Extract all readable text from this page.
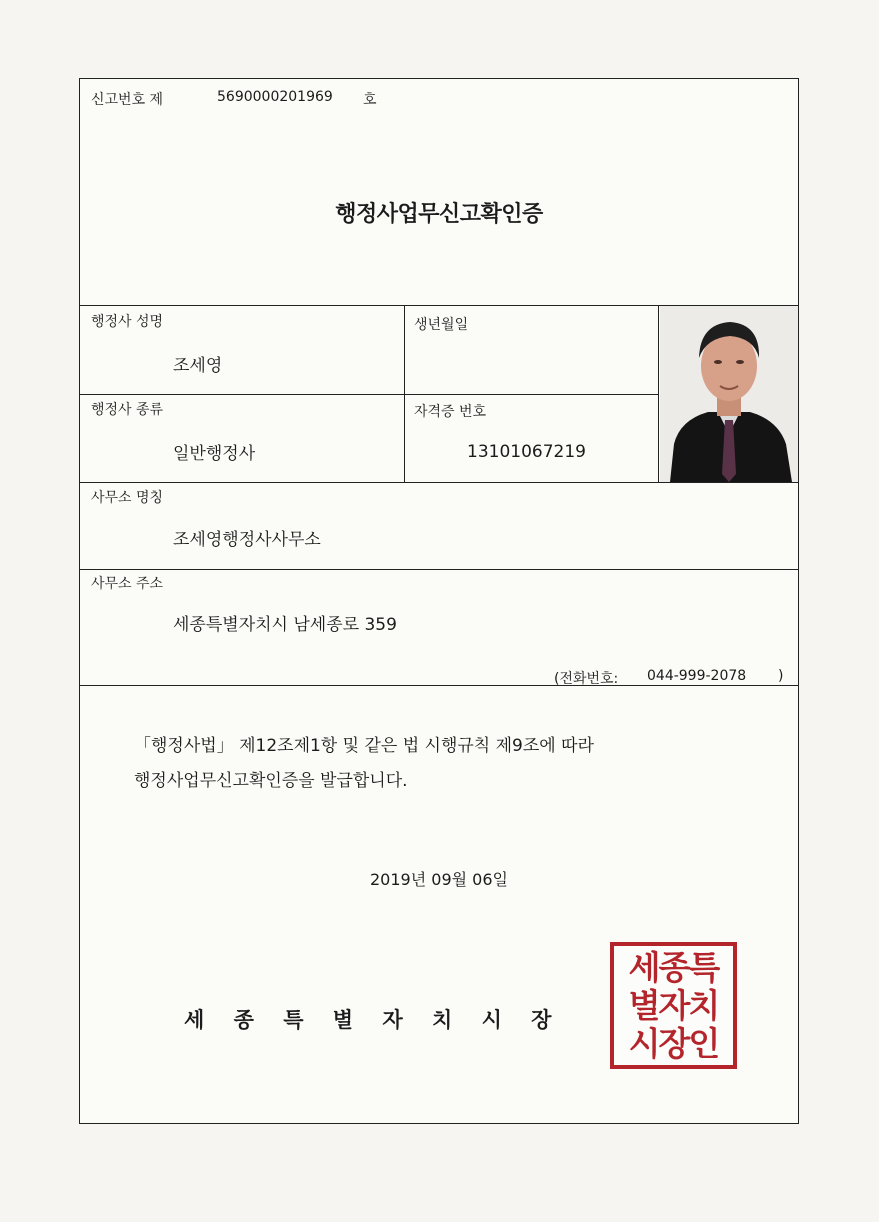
신고번호 제	5690000201969 호
행정사업무신고확인증
행정사 성명
조세영
생년월일
행정사 종류
일반행정사
자격증 번호
13101067219
사무소 명칭
조세영행정사사무소
사무소 주소
세종특별자치시 남세종로 359
(전화번호: 044-999-2078 )
「행정사법」 제12조제1항 및 같은 법 시행규칙 제9조에 따라
행정사업무신고확인증을 발급합니다.
2019년 09월 06일
세 종 특 별 자 치 시 장
세종특
별자치
시장인
